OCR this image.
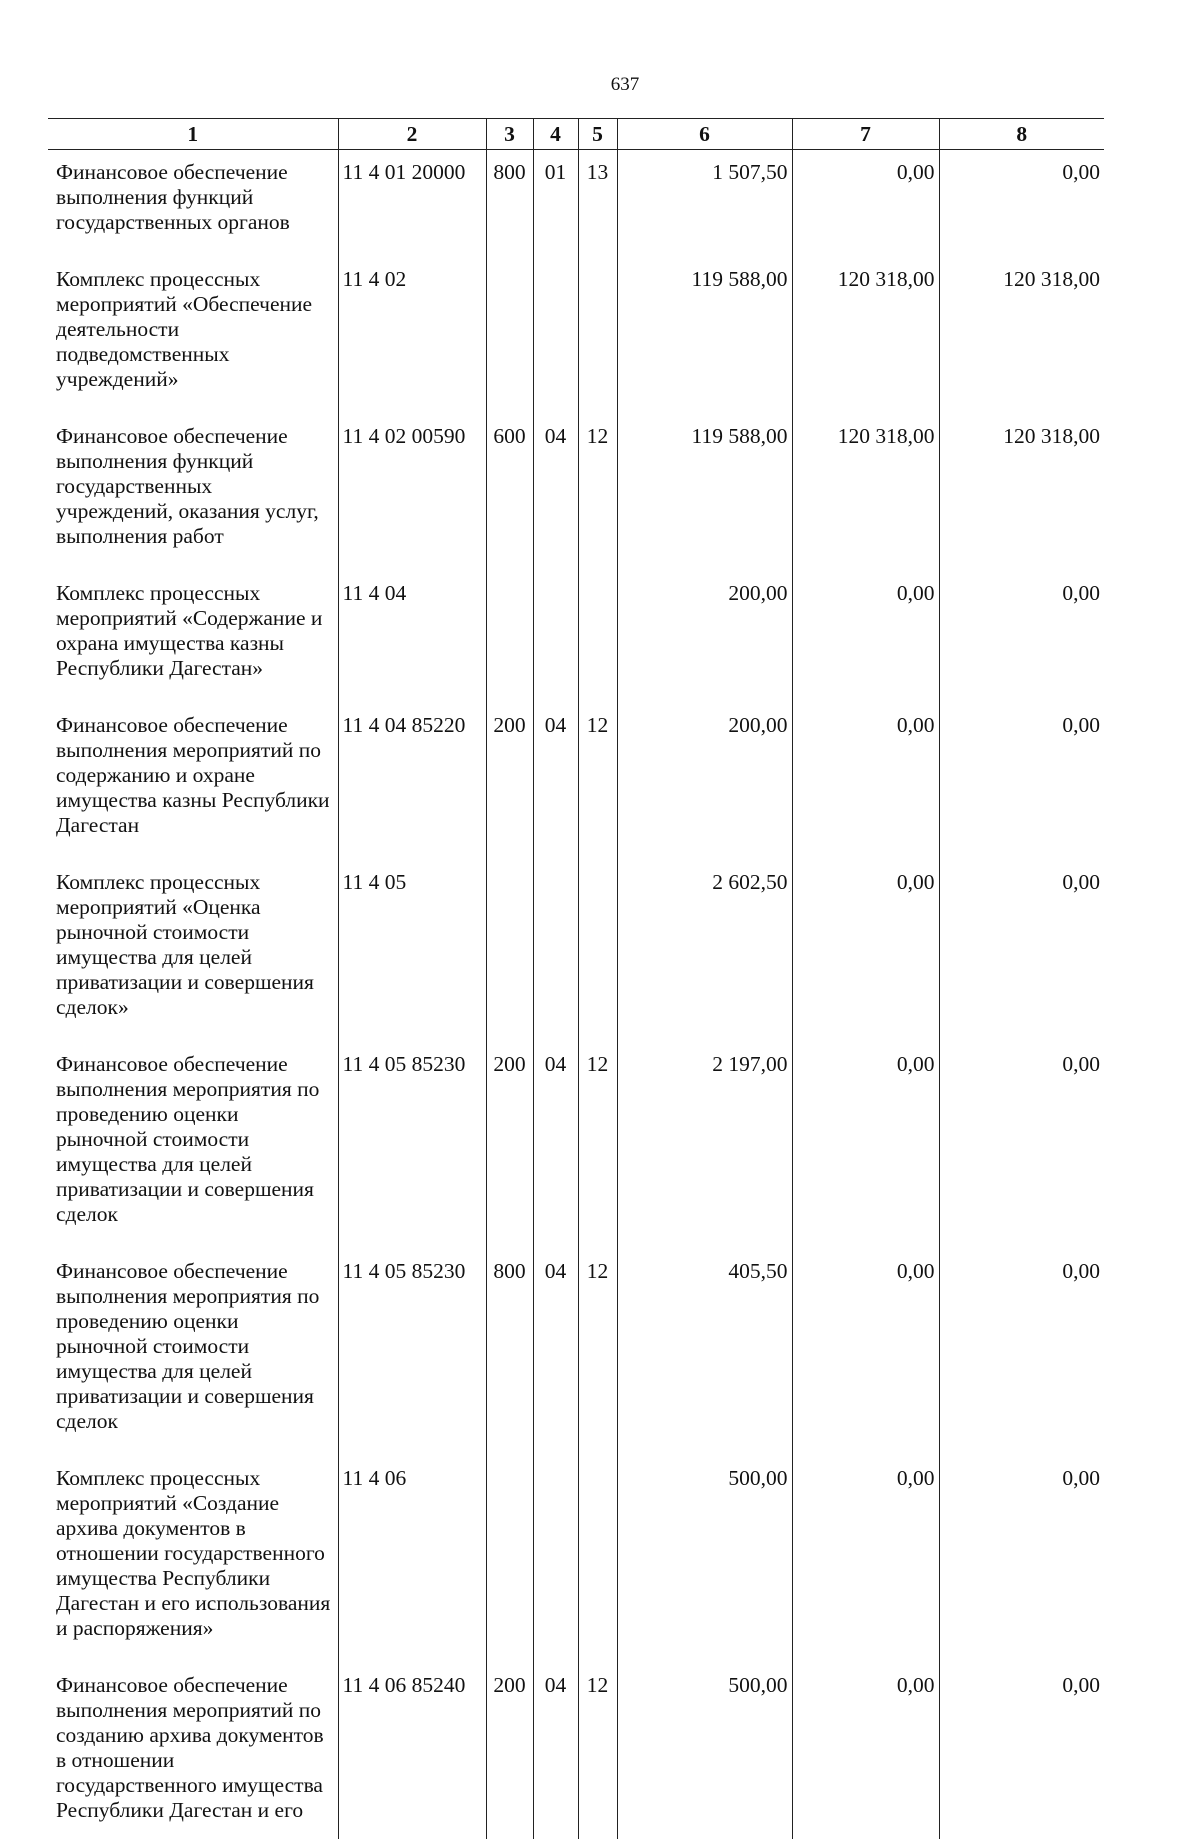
637
1	2	3	4	5	6	7	8
Финансовое обеспечение выполнения функций государственных органов	11 4 01 20000	800	01	13	1 507,50	0,00	0,00
Комплекс процессных мероприятий «Обеспечение деятельности подведомственных учреждений»	11 4 02				119 588,00	120 318,00	120 318,00
Финансовое обеспечение выполнения функций государственных учреждений, оказания услуг, выполнения работ	11 4 02 00590	600	04	12	119 588,00	120 318,00	120 318,00
Комплекс процессных мероприятий «Содержание и охрана имущества казны Республики Дагестан»	11 4 04				200,00	0,00	0,00
Финансовое обеспечение выполнения мероприятий по содержанию и охране имущества казны Республики Дагестан	11 4 04 85220	200	04	12	200,00	0,00	0,00
Комплекс процессных мероприятий «Оценка рыночной стоимости имущества для целей приватизации и совершения сделок»	11 4 05				2 602,50	0,00	0,00
Финансовое обеспечение выполнения мероприятия по проведению оценки рыночной стоимости имущества для целей приватизации и совершения сделок	11 4 05 85230	200	04	12	2 197,00	0,00	0,00
Финансовое обеспечение выполнения мероприятия по проведению оценки рыночной стоимости имущества для целей приватизации и совершения сделок	11 4 05 85230	800	04	12	405,50	0,00	0,00
Комплекс процессных мероприятий «Создание архива документов в отношении государственного имущества Республики Дагестан и его использования и распоряжения»	11 4 06				500,00	0,00	0,00
Финансовое обеспечение выполнения мероприятий по созданию архива документов в отношении государственного имущества Республики Дагестан и его	11 4 06 85240	200	04	12	500,00	0,00	0,00
